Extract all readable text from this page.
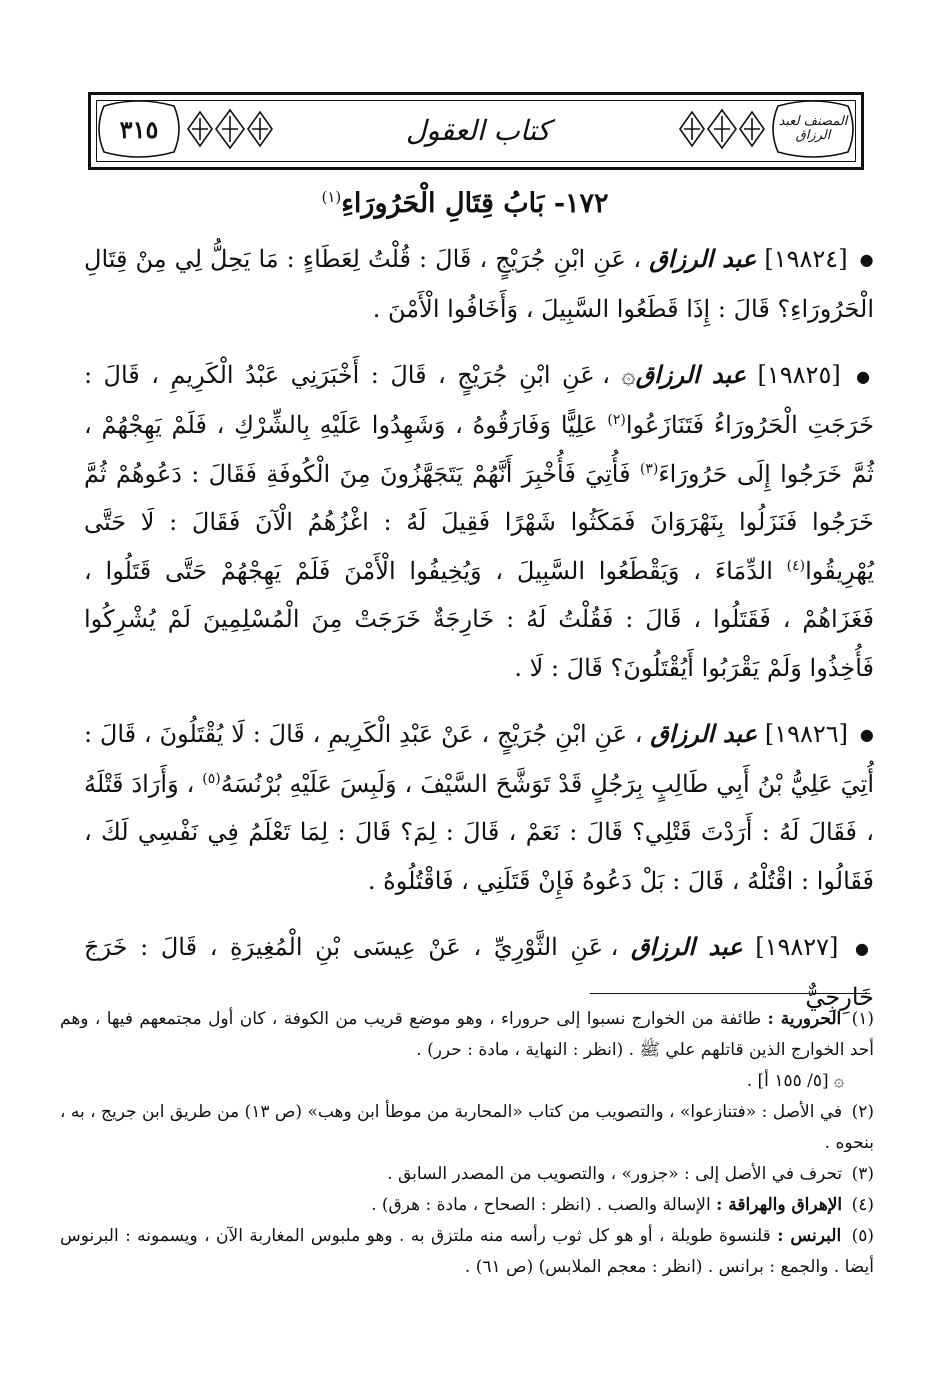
٣١٥	كتاب العقول	المصنف لعبد الرزاق
١٧٢- بَابُ قِتَالِ الْحَرُورَاءِ$^{(١)}$

● [١٩٨٢٤] عبد الرزاق ، عَنِ ابْنِ جُرَيْجٍ ، قَالَ : قُلْتُ لِعَطَاءٍ : مَا يَحِلُّ لِي مِنْ قِتَالِ الْحَرُورَاءِ؟ قَالَ : إِذَا قَطَعُوا السَّبِيلَ ، وَأَخَافُوا الْأَمْنَ .

● [١٩٨٢٥] عبد الرزاق۞ ، عَنِ ابْنِ جُرَيْجٍ ، قَالَ : أَخْبَرَنِي عَبْدُ الْكَرِيمِ ، قَالَ : خَرَجَتِ الْحَرُورَاءُ فَتَنَازَعُوا$^{(٢)}$ عَلِيًّا وَفَارَقُوهُ ، وَشَهِدُوا عَلَيْهِ بِالشِّرْكِ ، فَلَمْ يَهِجْهُمْ ، ثُمَّ خَرَجُوا إِلَى حَرُورَاءَ$^{(٣)}$ فَأُتِيَ فَأُخْبِرَ أَنَّهُمْ يَتَجَهَّزُونَ مِنَ الْكُوفَةِ فَقَالَ : دَعُوهُمْ ثُمَّ خَرَجُوا فَنَزَلُوا بِنَهْرَوَانَ فَمَكَثُوا شَهْرًا فَقِيلَ لَهُ : اغْزُهُمُ الْآنَ فَقَالَ : لَا حَتَّى يُهْرِيقُوا$^{(٤)}$ الدِّمَاءَ ، وَيَقْطَعُوا السَّبِيلَ ، وَيُخِيفُوا الْأَمْنَ فَلَمْ يَهِجْهُمْ حَتَّى قَتَلُوا ، فَغَزَاهُمْ ، فَقَتَلُوا ، قَالَ : فَقُلْتُ لَهُ : خَارِجَةٌ خَرَجَتْ مِنَ الْمُسْلِمِينَ لَمْ يُشْرِكُوا فَأُخِذُوا وَلَمْ يَقْرَبُوا أَيُقْتَلُونَ؟ قَالَ : لَا .

● [١٩٨٢٦] عبد الرزاق ، عَنِ ابْنِ جُرَيْجٍ ، عَنْ عَبْدِ الْكَرِيمِ ، قَالَ : لَا يُقْتَلُونَ ، قَالَ : أُتِيَ عَلِيُّ بْنُ أَبِي طَالِبٍ بِرَجُلٍ قَدْ تَوَشَّحَ السَّيْفَ ، وَلَبِسَ عَلَيْهِ بُرْنُسَهُ$^{(٥)}$ ، وَأَرَادَ قَتْلَهُ ، فَقَالَ لَهُ : أَرَدْتَ قَتْلِي؟ قَالَ : نَعَمْ ، قَالَ : لِمَ؟ قَالَ : لِمَا تَعْلَمُ فِي نَفْسِي لَكَ ، فَقَالُوا : اقْتُلْهُ ، قَالَ : بَلْ دَعُوهُ فَإِنْ قَتَلَنِي ، فَاقْتُلُوهُ .

● [١٩٨٢٧] عبد الرزاق ، عَنِ الثَّوْرِيِّ ، عَنْ عِيسَى بْنِ الْمُغِيرَةِ ، قَالَ : خَرَجَ خَارِجِيٌّ

(١) الحرورية : طائفة من الخوارج نسبوا إلى حروراء ، وهو موضع قريب من الكوفة ، كان أول مجتمعهم فيها ، وهم أحد الخوارج الذين قاتلهم علي ﷺ . (انظر : النهاية ، مادة : حرر) .

۞ [٥/ ١٥٥ أ] .

(٢) في الأصل : «فتنازعوا» ، والتصويب من كتاب «المحاربة من موطأ ابن وهب» (ص ١٣) من طريق ابن جريج ، به ، بنحوه .

(٣) تحرف في الأصل إلى : «جزور» ، والتصويب من المصدر السابق .

(٤) الإهراق والهراقة : الإسالة والصب . (انظر : الصحاح ، مادة : هرق) .

(٥) البرنس : قلنسوة طويلة ، أو هو كل ثوب رأسه منه ملتزق به . وهو ملبوس المغاربة الآن ، ويسمونه : البرنوس أيضا . والجمع : برانس . (انظر : معجم الملابس) (ص ٦١) .
